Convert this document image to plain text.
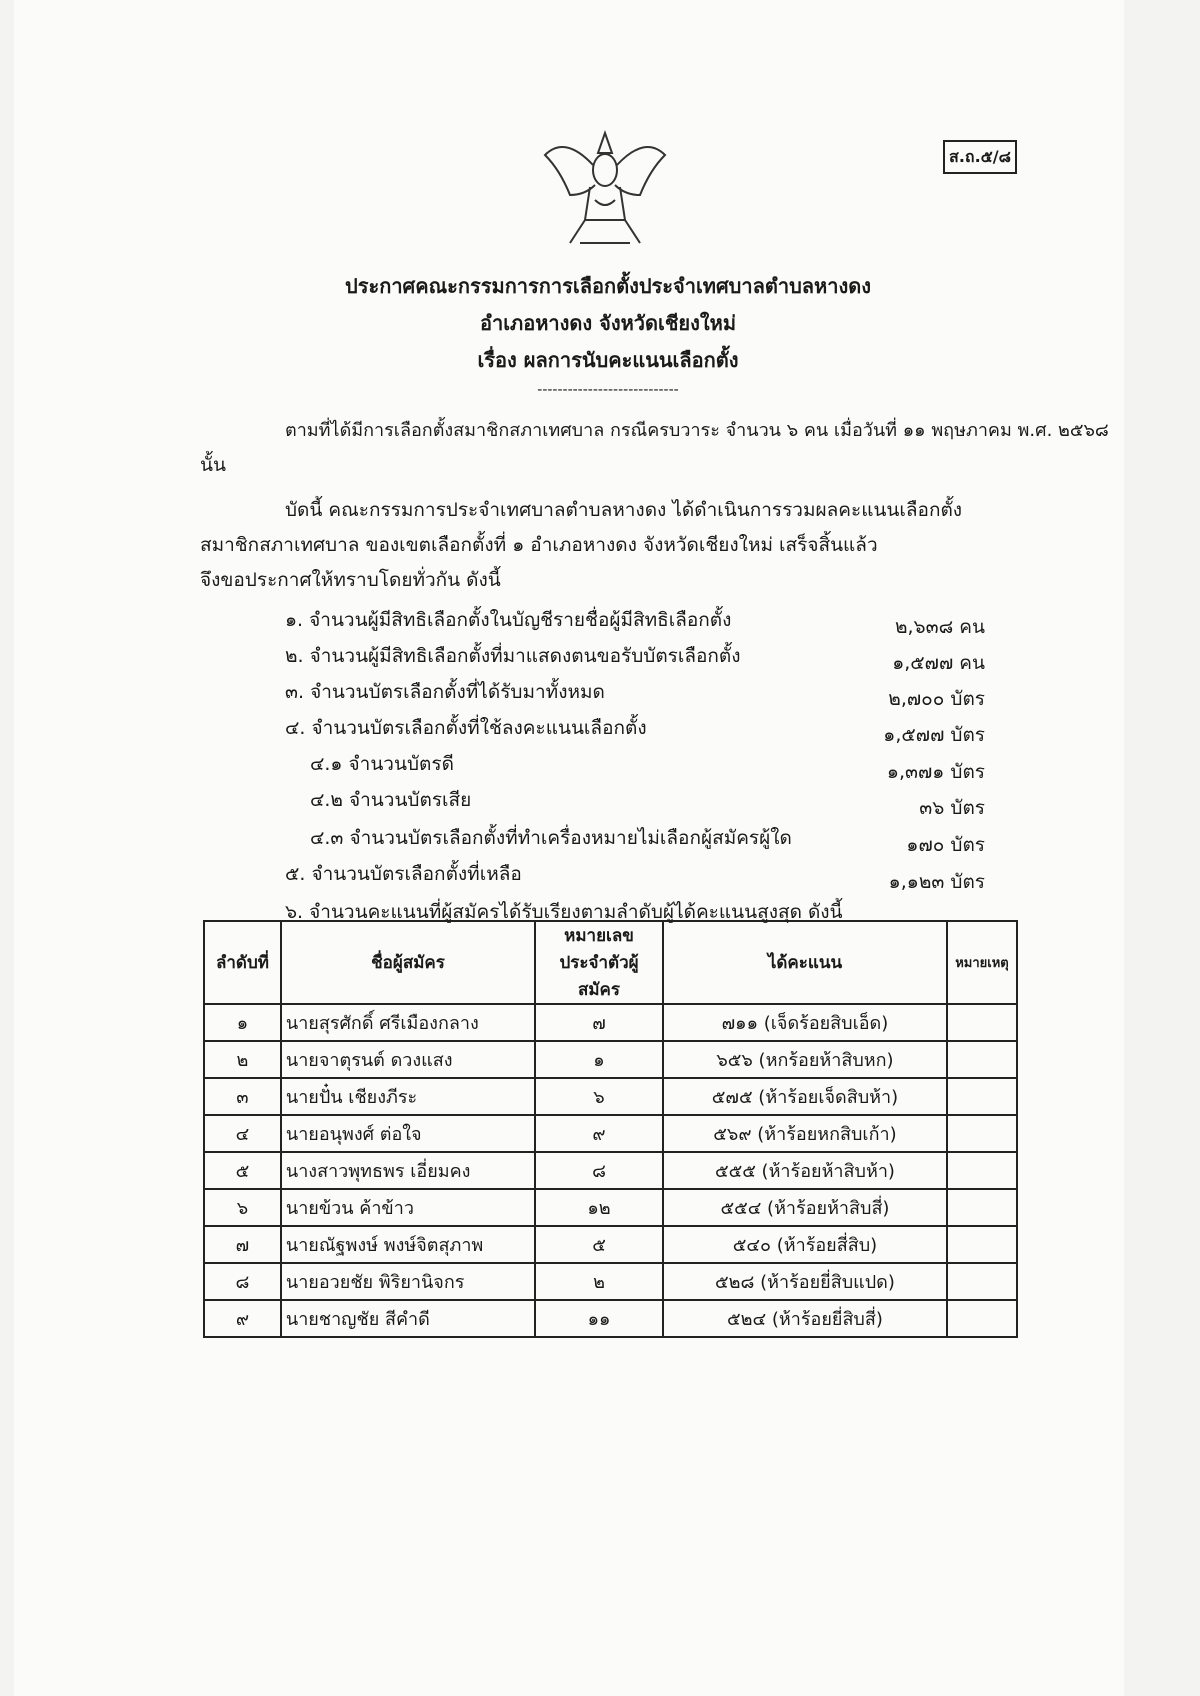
ส.ถ.๕/๘
ประกาศคณะกรรมการการเลือกตั้งประจำเทศบาลตำบลหางดง
อำเภอหางดง จังหวัดเชียงใหม่
เรื่อง ผลการนับคะแนนเลือกตั้ง
----------------------------
ตามที่ได้มีการเลือกตั้งสมาชิกสภาเทศบาล กรณีครบวาระ จำนวน ๖ คน เมื่อวันที่ ๑๑ พฤษภาคม พ.ศ. ๒๕๖๘
นั้น
บัดนี้ คณะกรรมการประจำเทศบาลตำบลหางดง ได้ดำเนินการรวมผลคะแนนเลือกตั้ง
สมาชิกสภาเทศบาล ของเขตเลือกตั้งที่ ๑ อำเภอหางดง จังหวัดเชียงใหม่ เสร็จสิ้นแล้ว
จึงขอประกาศให้ทราบโดยทั่วกัน ดังนี้
๑. จำนวนผู้มีสิทธิเลือกตั้งในบัญชีรายชื่อผู้มีสิทธิเลือกตั้ง	๒,๖๓๘ คน
๒. จำนวนผู้มีสิทธิเลือกตั้งที่มาแสดงตนขอรับบัตรเลือกตั้ง	๑,๕๗๗ คน
๓. จำนวนบัตรเลือกตั้งที่ได้รับมาทั้งหมด	๒,๗๐๐ บัตร
๔. จำนวนบัตรเลือกตั้งที่ใช้ลงคะแนนเลือกตั้ง	๑,๕๗๗ บัตร
๔.๑ จำนวนบัตรดี	๑,๓๗๑ บัตร
๔.๒ จำนวนบัตรเสีย	๓๖ บัตร
๔.๓ จำนวนบัตรเลือกตั้งที่ทำเครื่องหมายไม่เลือกผู้สมัครผู้ใด	๑๗๐ บัตร
๕. จำนวนบัตรเลือกตั้งที่เหลือ	๑,๑๒๓ บัตร
๖. จำนวนคะแนนที่ผู้สมัครได้รับเรียงตามลำดับผู้ได้คะแนนสูงสุด ดังนี้
ลำดับที่	ชื่อผู้สมัคร	หมายเลข
ประจำตัวผู้สมัคร	ได้คะแนน	หมายเหตุ
๑	นายสุรศักดิ์ ศรีเมืองกลาง	๗	๗๑๑ (เจ็ดร้อยสิบเอ็ด)	
๒	นายจาตุรนต์ ดวงแสง	๑	๖๕๖ (หกร้อยห้าสิบหก)	
๓	นายปั๋น เชียงภีระ	๖	๕๗๕ (ห้าร้อยเจ็ดสิบห้า)	
๔	นายอนุพงศ์ ต่อใจ	๙	๕๖๙ (ห้าร้อยหกสิบเก้า)	
๕	นางสาวพุทธพร เอี่ยมคง	๘	๕๕๕ (ห้าร้อยห้าสิบห้า)	
๖	นายข้วน ค้าข้าว	๑๒	๕๕๔ (ห้าร้อยห้าสิบสี่)	
๗	นายณัฐพงษ์ พงษ์จิตสุภาพ	๕	๕๔๐ (ห้าร้อยสี่สิบ)	
๘	นายอวยชัย พิริยานิจกร	๒	๕๒๘ (ห้าร้อยยี่สิบแปด)	
๙	นายชาญชัย สีคำดี	๑๑	๕๒๔ (ห้าร้อยยี่สิบสี่)	
